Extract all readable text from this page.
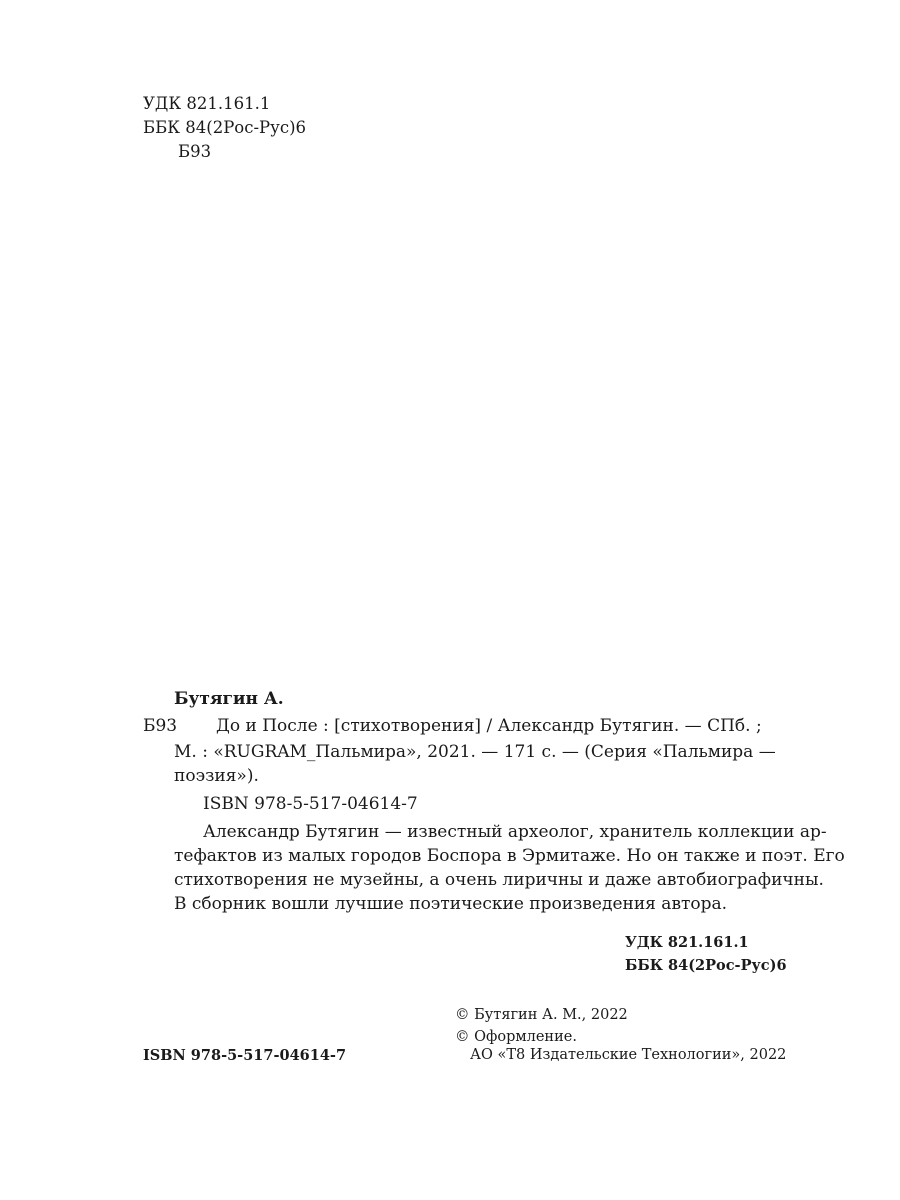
УДК 821.161.1
ББК 84(2Рос-Рус)6
Б93
Бутягин А.
Б93 До и После : [стихотворения] / Александр Бутягин. — СПб. ;
М. : «RUGRAM_Пальмира», 2021. — 171 с. — (Серия «Пальмира —
поэзия»).
ISBN 978-5-517-04614-7
Александр Бутягин — известный археолог, хранитель коллекции ар-
тефактов из малых городов Боспора в Эрмитаже. Но он также и поэт. Его
стихотворения не музейны, а очень лиричны и даже автобиографичны.
В сборник вошли лучшие поэтические произведения автора.
УДК 821.161.1
ББК 84(2Рос-Рус)6
ISBN 978-5-517-04614-7
© Бутягин А. М., 2022
© Оформление.
АО «Т8 Издательские Технологии», 2022
